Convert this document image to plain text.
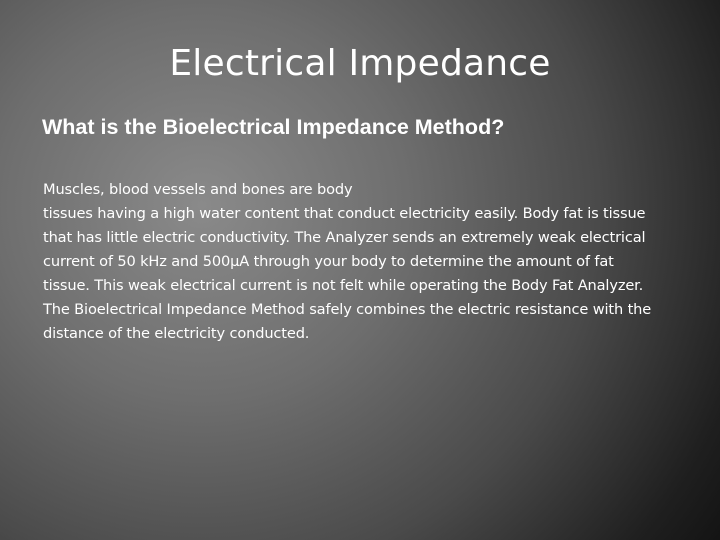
Electrical Impedance
What is the Bioelectrical Impedance Method?

Muscles, blood vessels and bones are body

tissues having a high water content that conduct electricity easily. Body fat is tissue that has little electric conductivity. The Analyzer sends an extremely weak electrical current of 50 kHz and 500µA through your body to determine the amount of fat tissue. This weak electrical current is not felt while operating the Body Fat Analyzer. The Bioelectrical Impedance Method safely combines the electric resistance with the distance of the electricity conducted.
